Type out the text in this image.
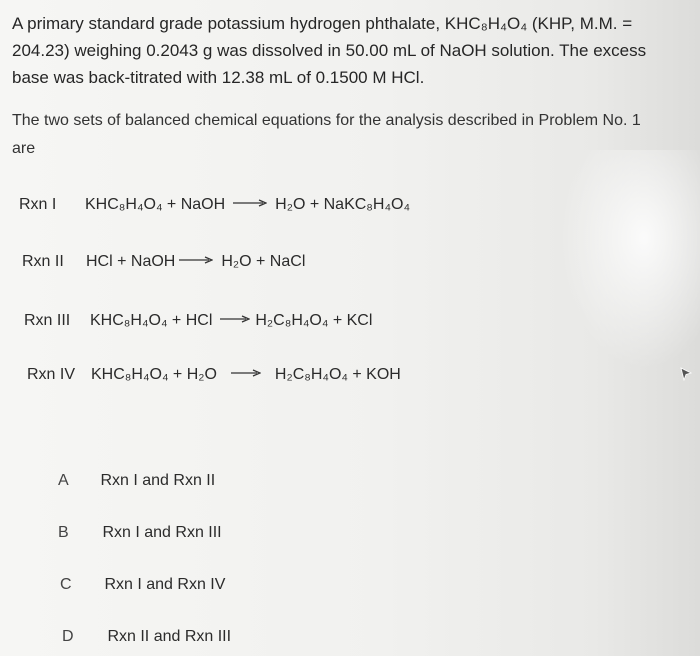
A primary standard grade potassium hydrogen phthalate, KHC₈H₄O₄ (KHP, M.M. =
204.23) weighing 0.2043 g was dissolved in 50.00 mL of NaOH solution. The excess
base was back-titrated with 12.38 mL of 0.1500 M HCl.
The two sets of balanced chemical equations for the analysis described in Problem No. 1
are
Rxn I	KHC₈H₄O₄ + NaOH → H₂O + NaKC₈H₄O₄
Rxn II	HCl + NaOH → H₂O + NaCl
Rxn III	KHC₈H₄O₄ + HCl → H₂C₈H₄O₄ + KCl
Rxn IV KHC₈H₄O₄ + H₂O → H₂C₈H₄O₄ + KOH
A Rxn I and Rxn II
B Rxn I and Rxn III
C Rxn I and Rxn IV
D Rxn II and Rxn III
